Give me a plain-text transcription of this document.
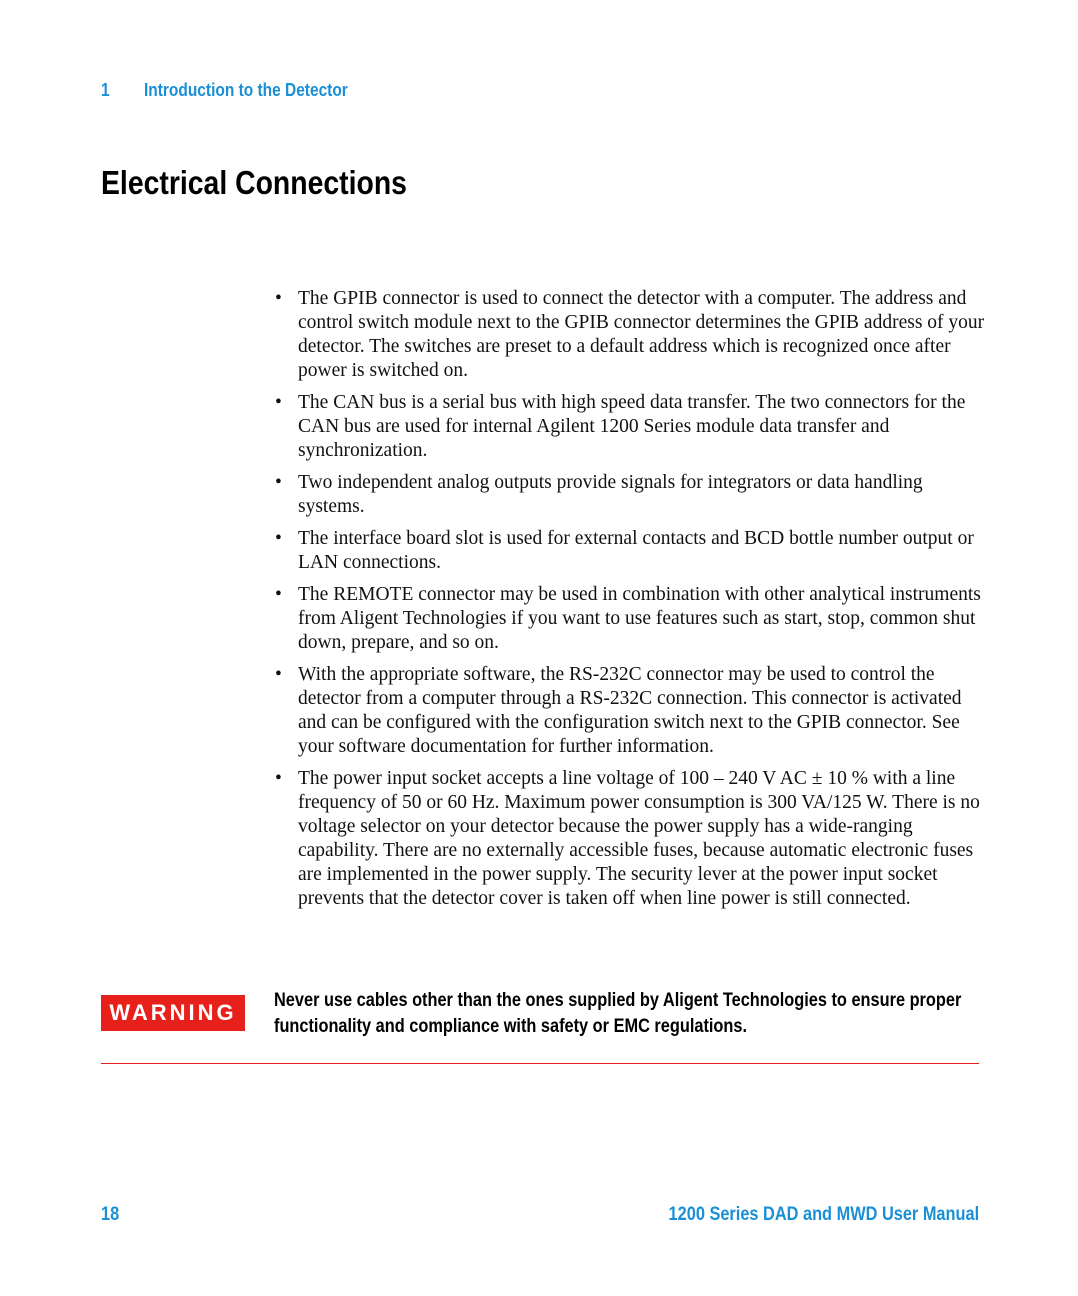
1 Introduction to the Detector
Electrical Connections
• The GPIB connector is used to connect the detector with a computer. The address and control switch module next to the GPIB connector determines the GPIB address of your detector. The switches are preset to a default address which is recognized once after power is switched on.
• The CAN bus is a serial bus with high speed data transfer. The two connectors for the CAN bus are used for internal Agilent 1200 Series module data transfer and synchronization.
• Two independent analog outputs provide signals for integrators or data handling systems.
• The interface board slot is used for external contacts and BCD bottle number output or LAN connections.
• The REMOTE connector may be used in combination with other analytical instruments from Aligent Technologies if you want to use features such as start, stop, common shut down, prepare, and so on.
• With the appropriate software, the RS-232C connector may be used to control the detector from a computer through a RS-232C connection. This connector is activated and can be configured with the configuration switch next to the GPIB connector. See your software documentation for further information.
• The power input socket accepts a line voltage of 100 – 240 V AC ± 10 % with a line frequency of 50 or 60 Hz. Maximum power consumption is 300 VA/125 W. There is no voltage selector on your detector because the power supply has a wide-ranging capability. There are no externally accessible fuses, because automatic electronic fuses are implemented in the power supply. The security lever at the power input socket prevents that the detector cover is taken off when line power is still connected.
WARNING	Never use cables other than the ones supplied by Aligent Technologies to ensure proper functionality and compliance with safety or EMC regulations.
18	1200 Series DAD and MWD User Manual
